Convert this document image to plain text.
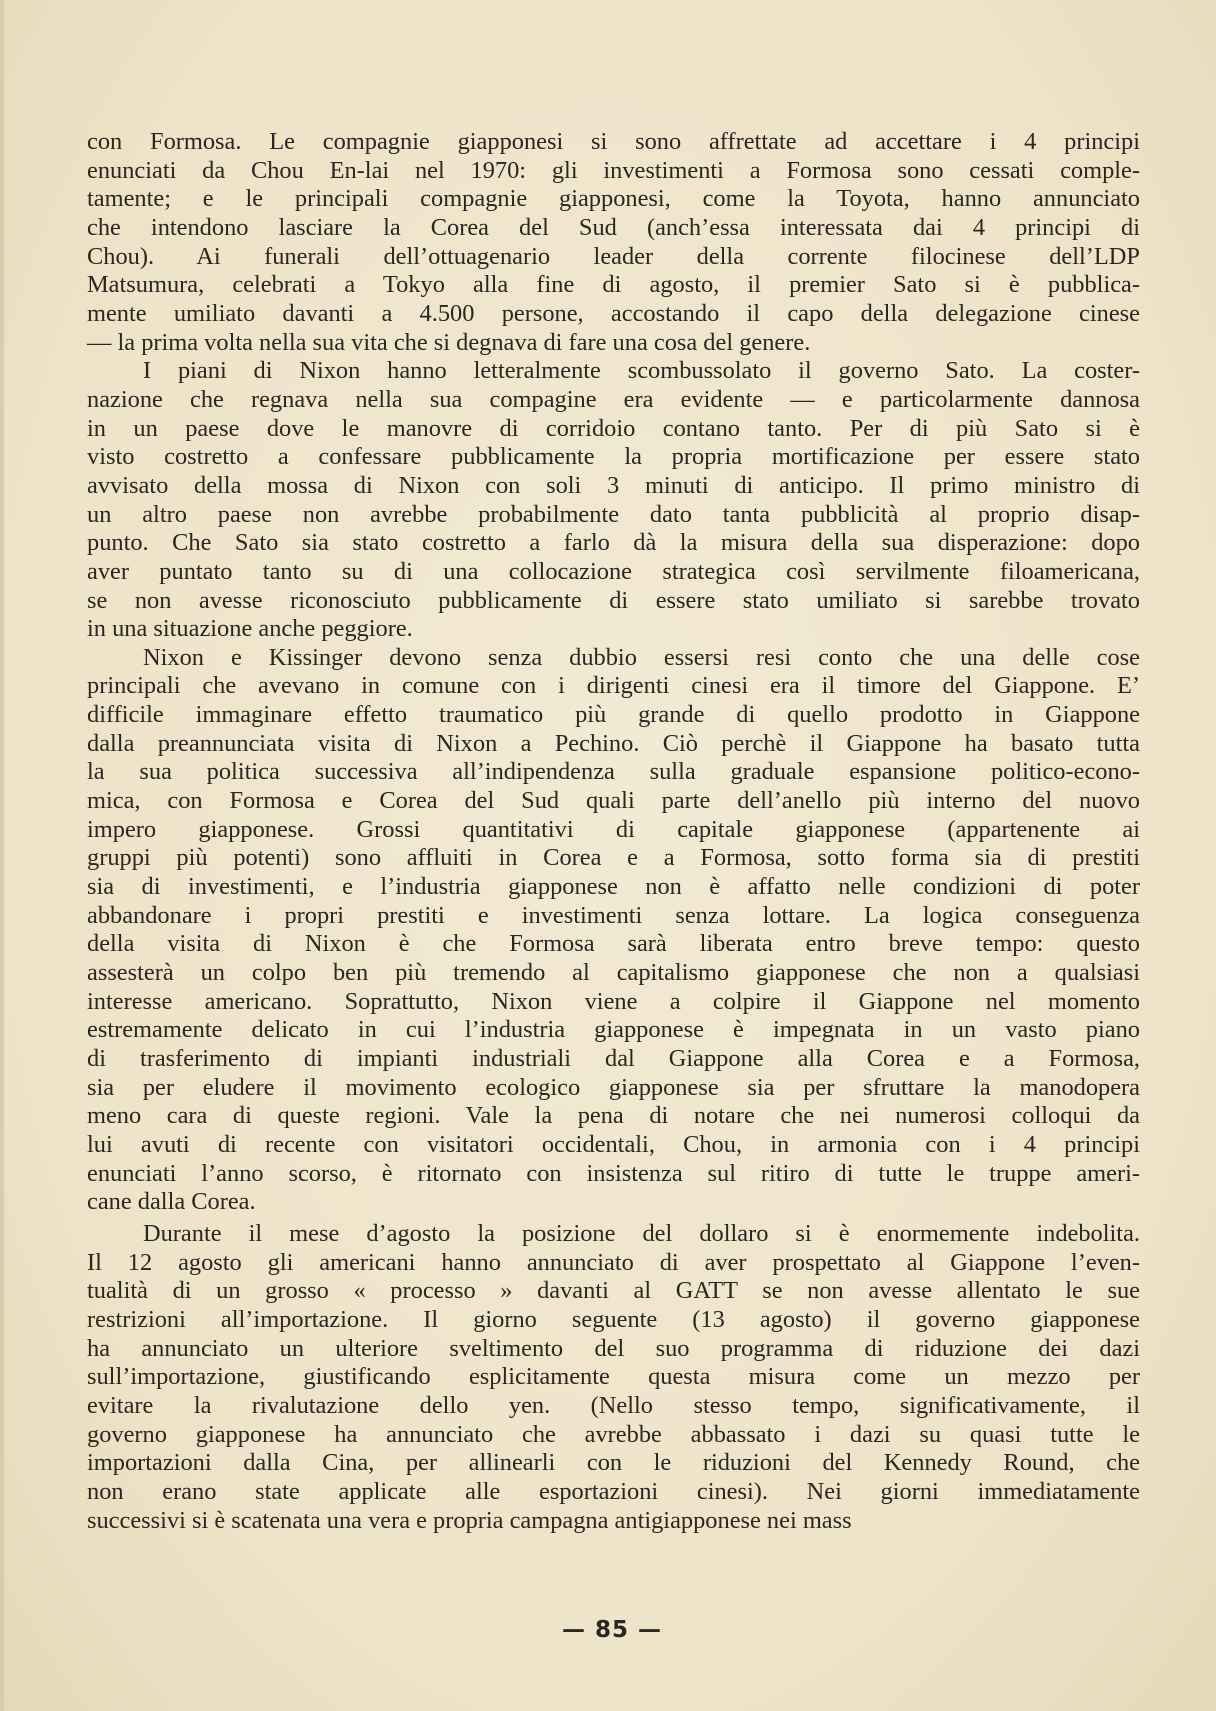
con Formosa. Le compagnie giapponesi si sono affrettate ad accettare i 4 principi
enunciati da Chou En-lai nel 1970: gli investimenti a Formosa sono cessati comple-
tamente; e le principali compagnie giapponesi, come la Toyota, hanno annunciato
che intendono lasciare la Corea del Sud (anch’essa interessata dai 4 principi di
Chou). Ai funerali dell’ottuagenario leader della corrente filocinese dell’LDP
Matsumura, celebrati a Tokyo alla fine di agosto, il premier Sato si è pubblica-
mente umiliato davanti a 4.500 persone, accostando il capo della delegazione cinese
— la prima volta nella sua vita che si degnava di fare una cosa del genere.
I piani di Nixon hanno letteralmente scombussolato il governo Sato. La coster-
nazione che regnava nella sua compagine era evidente — e particolarmente dannosa
in un paese dove le manovre di corridoio contano tanto. Per di più Sato si è
visto costretto a confessare pubblicamente la propria mortificazione per essere stato
avvisato della mossa di Nixon con soli 3 minuti di anticipo. Il primo ministro di
un altro paese non avrebbe probabilmente dato tanta pubblicità al proprio disap-
punto. Che Sato sia stato costretto a farlo dà la misura della sua disperazione: dopo
aver puntato tanto su di una collocazione strategica così servilmente filoamericana,
se non avesse riconosciuto pubblicamente di essere stato umiliato si sarebbe trovato
in una situazione anche peggiore.
Nixon e Kissinger devono senza dubbio essersi resi conto che una delle cose
principali che avevano in comune con i dirigenti cinesi era il timore del Giappone. E’
difficile immaginare effetto traumatico più grande di quello prodotto in Giappone
dalla preannunciata visita di Nixon a Pechino. Ciò perchè il Giappone ha basato tutta
la sua politica successiva all’indipendenza sulla graduale espansione politico-econo-
mica, con Formosa e Corea del Sud quali parte dell’anello più interno del nuovo
impero giapponese. Grossi quantitativi di capitale giapponese (appartenente ai
gruppi più potenti) sono affluiti in Corea e a Formosa, sotto forma sia di prestiti
sia di investimenti, e l’industria giapponese non è affatto nelle condizioni di poter
abbandonare i propri prestiti e investimenti senza lottare. La logica conseguenza
della visita di Nixon è che Formosa sarà liberata entro breve tempo: questo
assesterà un colpo ben più tremendo al capitalismo giapponese che non a qualsiasi
interesse americano. Soprattutto, Nixon viene a colpire il Giappone nel momento
estremamente delicato in cui l’industria giapponese è impegnata in un vasto piano
di trasferimento di impianti industriali dal Giappone alla Corea e a Formosa,
sia per eludere il movimento ecologico giapponese sia per sfruttare la manodopera
meno cara di queste regioni. Vale la pena di notare che nei numerosi colloqui da
lui avuti di recente con visitatori occidentali, Chou, in armonia con i 4 principi
enunciati l’anno scorso, è ritornato con insistenza sul ritiro di tutte le truppe ameri-
cane dalla Corea.
Durante il mese d’agosto la posizione del dollaro si è enormemente indebolita.
Il 12 agosto gli americani hanno annunciato di aver prospettato al Giappone l’even-
tualità di un grosso « processo » davanti al GATT se non avesse allentato le sue
restrizioni all’importazione. Il giorno seguente (13 agosto) il governo giapponese
ha annunciato un ulteriore sveltimento del suo programma di riduzione dei dazi
sull’importazione, giustificando esplicitamente questa misura come un mezzo per
evitare la rivalutazione dello yen. (Nello stesso tempo, significativamente, il
governo giapponese ha annunciato che avrebbe abbassato i dazi su quasi tutte le
importazioni dalla Cina, per allinearli con le riduzioni del Kennedy Round, che
non erano state applicate alle esportazioni cinesi). Nei giorni immediatamente
successivi si è scatenata una vera e propria campagna antigiapponese nei mass
— 85 —
